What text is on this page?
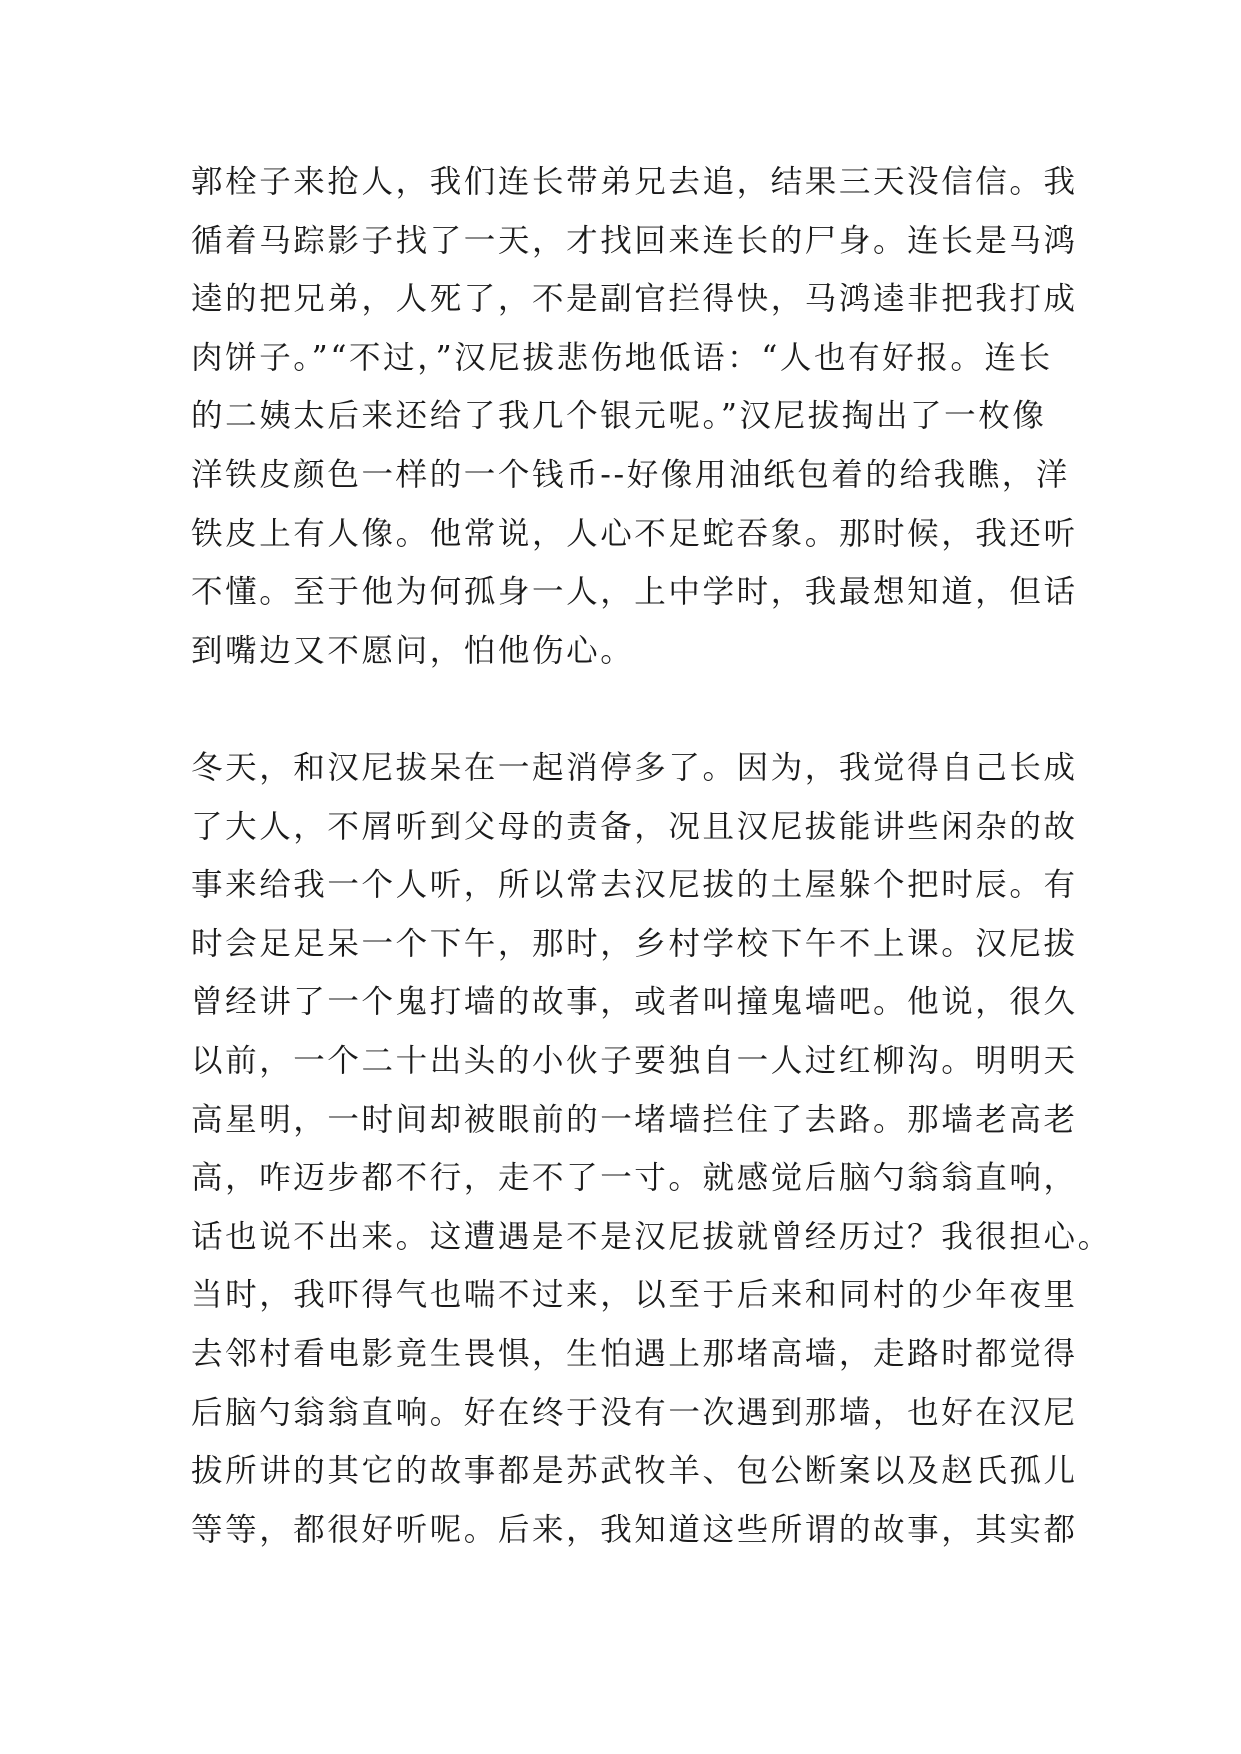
郭栓子来抢人，我们连长带弟兄去追，结果三天没信信。我
循着马踪影子找了一天，才找回来连长的尸身。连长是马鸿
逵的把兄弟，人死了，不是副官拦得快，马鸿逵非把我打成
肉饼子。”“不过，”汉尼拔悲伤地低语：“人也有好报。连长
的二姨太后来还给了我几个银元呢。”汉尼拔掏出了一枚像
洋铁皮颜色一样的一个钱币--好像用油纸包着的给我瞧，洋
铁皮上有人像。他常说，人心不足蛇吞象。那时候，我还听
不懂。至于他为何孤身一人，上中学时，我最想知道，但话
到嘴边又不愿问，怕他伤心。
冬天，和汉尼拔呆在一起消停多了。因为，我觉得自己长成
了大人，不屑听到父母的责备，况且汉尼拔能讲些闲杂的故
事来给我一个人听，所以常去汉尼拔的土屋躲个把时辰。有
时会足足呆一个下午，那时，乡村学校下午不上课。汉尼拔
曾经讲了一个鬼打墙的故事，或者叫撞鬼墙吧。他说，很久
以前，一个二十出头的小伙子要独自一人过红柳沟。明明天
高星明，一时间却被眼前的一堵墙拦住了去路。那墙老高老
高，咋迈步都不行，走不了一寸。就感觉后脑勺翁翁直响，
话也说不出来。这遭遇是不是汉尼拔就曾经历过？我很担心。
当时，我吓得气也喘不过来，以至于后来和同村的少年夜里
去邻村看电影竟生畏惧，生怕遇上那堵高墙，走路时都觉得
后脑勺翁翁直响。好在终于没有一次遇到那墙，也好在汉尼
拔所讲的其它的故事都是苏武牧羊、包公断案以及赵氏孤儿
等等，都很好听呢。后来，我知道这些所谓的故事，其实都
